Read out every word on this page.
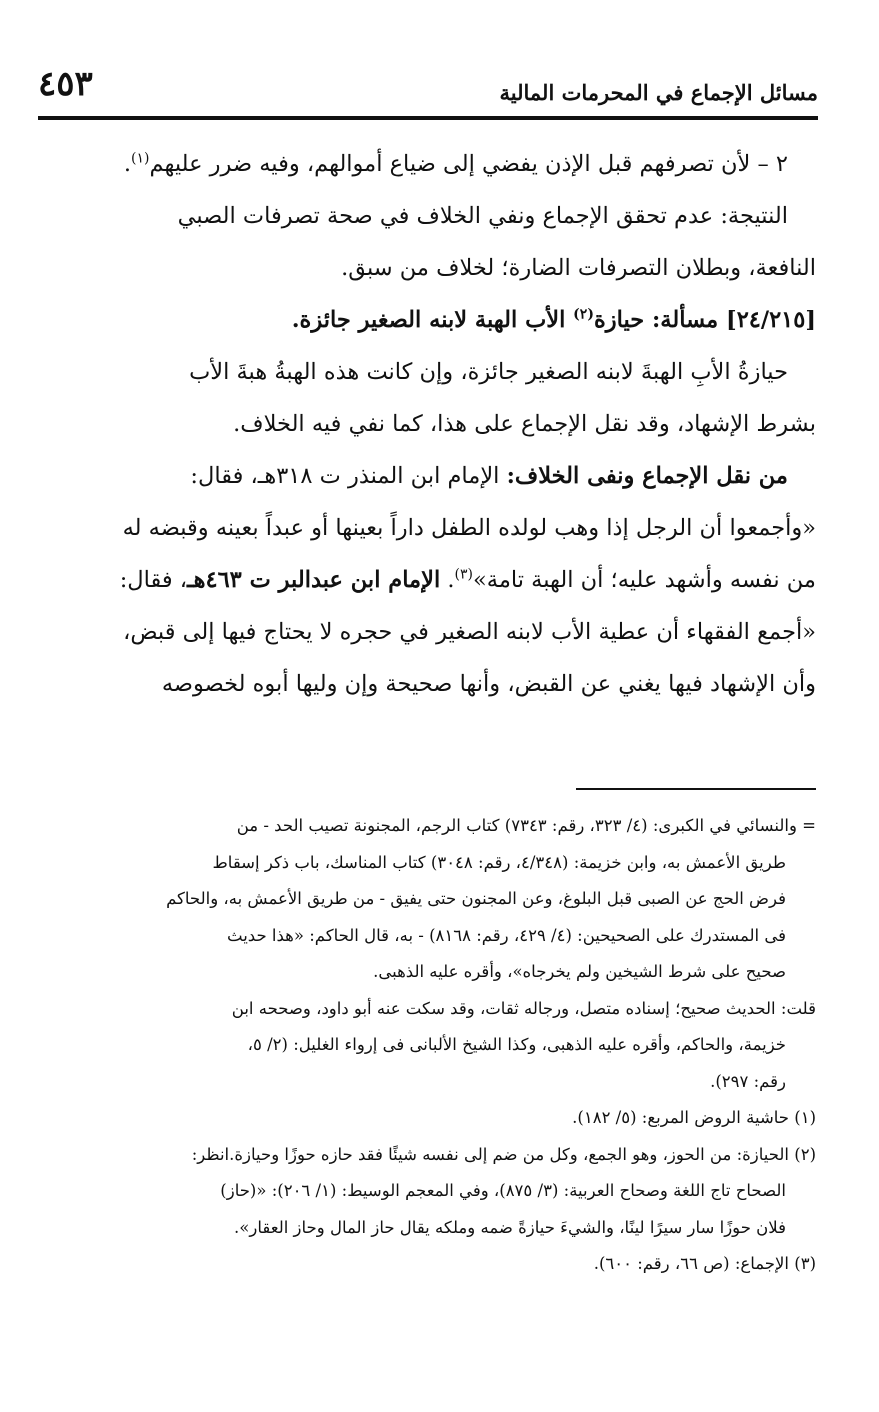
مسائل الإجماع في المحرمات المالية
٤٥٣
٢ – لأن تصرفهم قبل الإذن يفضي إلى ضياع أموالهم، وفيه ضرر عليهم$^{(١)}$.
النتيجة: عدم تحقق الإجماع ونفي الخلاف في صحة تصرفات الصبي
النافعة، وبطلان التصرفات الضارة؛ لخلاف من سبق.
[٢٤/٢١٥] مسألة: حيازة$^{(٢)}$ الأب الهبة لابنه الصغير جائزة.
حيازةُ الأبِ الهبةَ لابنه الصغير جائزة، وإن كانت هذه الهبةُ هبةَ الأب
بشرط الإشهاد، وقد نقل الإجماع على هذا، كما نفي فيه الخلاف.
من نقل الإجماع ونفى الخلاف: الإمام ابن المنذر ت ٣١٨هـ، فقال:
«وأجمعوا أن الرجل إذا وهب لولده الطفل داراً بعينها أو عبداً بعينه وقبضه له
من نفسه وأشهد عليه؛ أن الهبة تامة»$^{(٣)}$. الإمام ابن عبدالبر ت ٤٦٣هـ، فقال:
«أجمع الفقهاء أن عطية الأب لابنه الصغير في حجره لا يحتاج فيها إلى قبض،
وأن الإشهاد فيها يغني عن القبض، وأنها صحيحة وإن وليها أبوه لخصوصه
= والنسائي في الكبرى: (٤/ ٣٢٣، رقم: ٧٣٤٣) كتاب الرجم، المجنونة تصيب الحد - من
طريق الأعمش به، وابن خزيمة: (٤/٣٤٨، رقم: ٣٠٤٨) كتاب المناسك، باب ذكر إسقاط
فرض الحج عن الصبى قبل البلوغ، وعن المجنون حتى يفيق - من طريق الأعمش به، والحاكم
فى المستدرك على الصحيحين: (٤/ ٤٢٩، رقم: ٨١٦٨) - به، قال الحاكم: «هذا حديث
صحيح على شرط الشيخين ولم يخرجاه»، وأقره عليه الذهبى.
قلت: الحديث صحيح؛ إسناده متصل، ورجاله ثقات، وقد سكت عنه أبو داود، وصححه ابن
خزيمة، والحاكم، وأقره عليه الذهبى، وكذا الشيخ الألبانى فى إرواء الغليل: (٢/ ٥،
رقم: ٢٩٧).
(١) حاشية الروض المربع: (٥/ ١٨٢).
(٢) الحيازة: من الحوز، وهو الجمع، وكل من ضم إلى نفسه شيئًا فقد حازه حوزًا وحيازة.انظر:
الصحاح تاج اللغة وصحاح العربية: (٣/ ٨٧٥)، وفي المعجم الوسيط: (١/ ٢٠٦): «(حاز)
فلان حوزًا سار سيرًا لينًا، والشيءَ حيازةً ضمه وملكه يقال حاز المال وحاز العقار».
(٣) الإجماع: (ص ٦٦، رقم: ٦٠٠).
